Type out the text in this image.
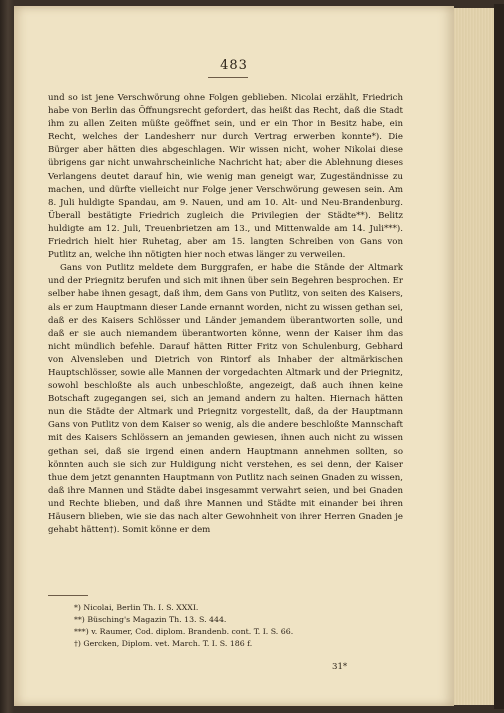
483

und so ist jene Verschwörung ohne Folgen geblieben. Nicolai erzählt, Friedrich habe von Berlin das Öffnungsrecht gefordert, das heißt das Recht, daß die Stadt ihm zu allen Zeiten müßte geöffnet sein, und er ein Thor in Besitz habe, ein Recht, welches der Landesherr nur durch Vertrag erwerben konnte*). Die Bürger aber hätten dies abgeschlagen. Wir wissen nicht, woher Nikolai diese übrigens gar nicht unwahrscheinliche Nachricht hat; aber die Ablehnung dieses Verlangens deutet darauf hin, wie wenig man geneigt war, Zugeständnisse zu machen, und dürfte vielleicht nur Folge jener Verschwörung gewesen sein. Am 8. Juli huldigte Spandau, am 9. Nauen, und am 10. Alt- und Neu-Brandenburg. Überall bestätigte Friedrich zugleich die Privilegien der Städte**). Belitz huldigte am 12. Juli, Treuenbrietzen am 13., und Mittenwalde am 14. Juli***). Friedrich hielt hier Ruhetag, aber am 15. langten Schreiben von Gans von Putlitz an, welche ihn nötigten hier noch etwas länger zu verweilen.

Gans von Putlitz meldete dem Burggrafen, er habe die Stände der Altmark und der Priegnitz berufen und sich mit ihnen über sein Begehren besprochen. Er selber habe ihnen gesagt, daß ihm, dem Gans von Putlitz, von seiten des Kaisers, als er zum Hauptmann dieser Lande ernannt worden, nicht zu wissen gethan sei, daß er des Kaisers Schlösser und Länder jemandem überantworten solle, und daß er sie auch niemandem überantworten könne, wenn der Kaiser ihm das nicht mündlich befehle. Darauf hätten Ritter Fritz von Schulenburg, Gebhard von Alvensleben und Dietrich von Rintorf als Inhaber der altmärkischen Hauptschlösser, sowie alle Mannen der vorgedachten Altmark und der Priegnitz, sowohl beschloßte als auch unbeschloßte, angezeigt, daß auch ihnen keine Botschaft zugegangen sei, sich an jemand andern zu halten. Hiernach hätten nun die Städte der Altmark und Priegnitz vorgestellt, daß, da der Hauptmann Gans von Putlitz von dem Kaiser so wenig, als die andere beschloßte Mannschaft mit des Kaisers Schlössern an jemanden gewiesen, ihnen auch nicht zu wissen gethan sei, daß sie irgend einen andern Hauptmann annehmen sollten, so könnten auch sie sich zur Huldigung nicht verstehen, es sei denn, der Kaiser thue dem jetzt genannten Hauptmann von Putlitz nach seinen Gnaden zu wissen, daß ihre Mannen und Städte dabei insgesammt verwahrt seien, und bei Gnaden und Rechte blieben, und daß ihre Mannen und Städte mit einander bei ihren Häusern blieben, wie sie das nach alter Gewohnheit von ihrer Herren Gnaden je gehabt hätten†). Somit könne er dem

*) Nicolai, Berlin Th. I. S. XXXI.
**) Büsching's Magazin Th. 13. S. 444.
***) v. Raumer, Cod. diplom. Brandenb. cont. T. I. S. 66.
†) Gercken, Diplom. vet. March. T. I. S. 186 f.
31*
